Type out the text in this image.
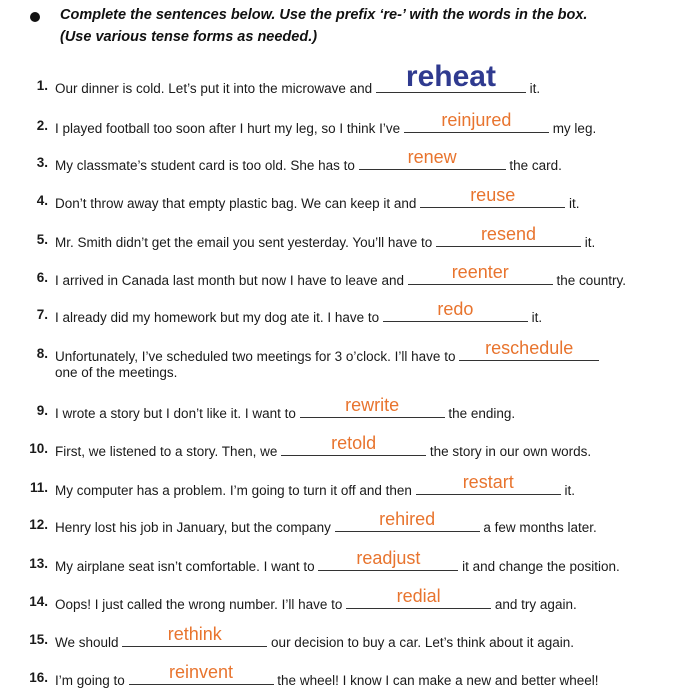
Complete the sentences below. Use the prefix ‘re-’ with the words in the box.
(Use various tense forms as needed.)
1. Our dinner is cold. Let’s put it into the microwave and reheat	it.
2. I played football too soon after I hurt my leg, so I think I’ve	reinjured	my leg.
3. My classmate’s student card is too old. She has to	renew	the card.
4. Don’t throw away that empty plastic bag. We can keep it and	reuse	it.
5. Mr. Smith didn’t get the email you sent yesterday. You’ll have to	resend	it.
6. I arrived in Canada last month but now I have to leave and	reenter	the country.
7. I already did my homework but my dog ate it. I have to	redo	it.
8. Unfortunately, I’ve scheduled two meetings for 3 o’clock. I’ll have to	reschedule
one of the meetings.
9. I wrote a story but I don’t like it. I want to	rewrite	the ending.
10. First, we listened to a story. Then, we	retold	the story in our own words.
11. My computer has a problem. I’m going to turn it off and then	restart	it.
12. Henry lost his job in January, but the company	rehired	a few months later.
13. My airplane seat isn’t comfortable. I want to	readjust	it and change the position.
14. Oops! I just called the wrong number. I’ll have to	redial	and try again.
15. We should	rethink	our decision to buy a car. Let’s think about it again.
16. I’m going to	reinvent	the wheel! I know I can make a new and better wheel!
